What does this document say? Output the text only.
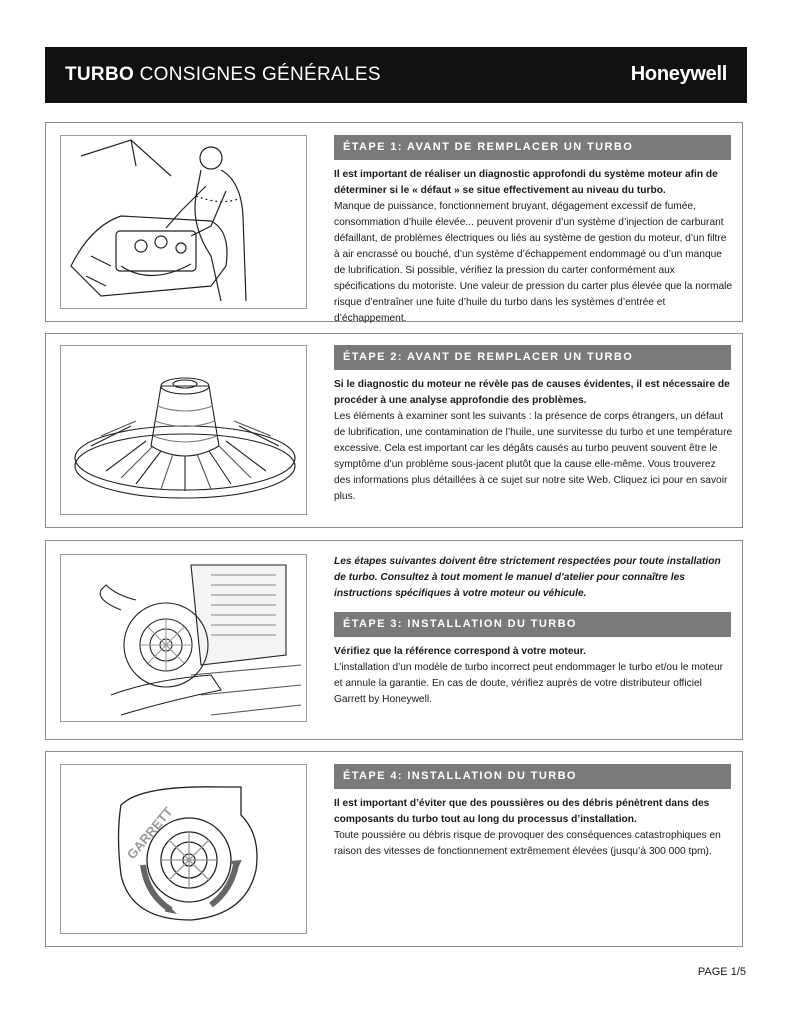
TURBO CONSIGNES GÉNÉRALES	Honeywell
ÉTAPE 1: AVANT DE REMPLACER UN TURBO

Il est important de réaliser un diagnostic approfondi du système moteur afin de déterminer si le « défaut » se situe effectivement au niveau du turbo.

Manque de puissance, fonctionnement bruyant, dégagement excessif de fumée, consommation d’huile élevée... peuvent provenir d’un système d’injection de carburant défaillant, de problèmes électriques ou liés au système de gestion du moteur, d’un filtre à air encrassé ou bouché, d’un système d’échappement endommagé ou d’un manque de lubrification. Si possible, vérifiez la pression du carter conformément aux spécifications du motoriste. Une valeur de pression du carter plus élevée que la normale risque d’entraîner une fuite d’huile du turbo dans les systèmes d’entrée et d’échappement.

ÉTAPE 2: AVANT DE REMPLACER UN TURBO

Si le diagnostic du moteur ne révèle pas de causes évidentes, il est nécessaire de procéder à une analyse approfondie des problèmes.

Les éléments à examiner sont les suivants : la présence de corps étrangers, un défaut de lubrification, une contamination de l’huile, une survitesse du turbo et une température excessive. Cela est important car les dégâts causés au turbo peuvent souvent être le symptôme d’un problème sous-jacent plutôt que la cause elle-même. Vous trouverez des informations plus détaillées à ce sujet sur notre site Web. Cliquez ici pour en savoir plus.

Les étapes suivantes doivent être strictement respectées pour toute installation de turbo. Consultez à tout moment le manuel d’atelier pour connaître les instructions spécifiques à votre moteur ou véhicule.

ÉTAPE 3: INSTALLATION DU TURBO

Vérifiez que la référence correspond à votre moteur.

L’installation d’un modèle de turbo incorrect peut endommager le turbo et/ou le moteur et annule la garantie. En cas de doute, vérifiez auprès de votre distributeur officiel Garrett by Honeywell.

GARRETT
ÉTAPE 4: INSTALLATION DU TURBO

Il est important d’éviter que des poussières ou des débris pénètrent dans des composants du turbo tout au long du processus d’installation.

Toute poussière ou débris risque de provoquer des conséquences catastrophiques en raison des vitesses de fonctionnement extrêmement élevées (jusqu’à 300 000 tpm).

PAGE 1/5
